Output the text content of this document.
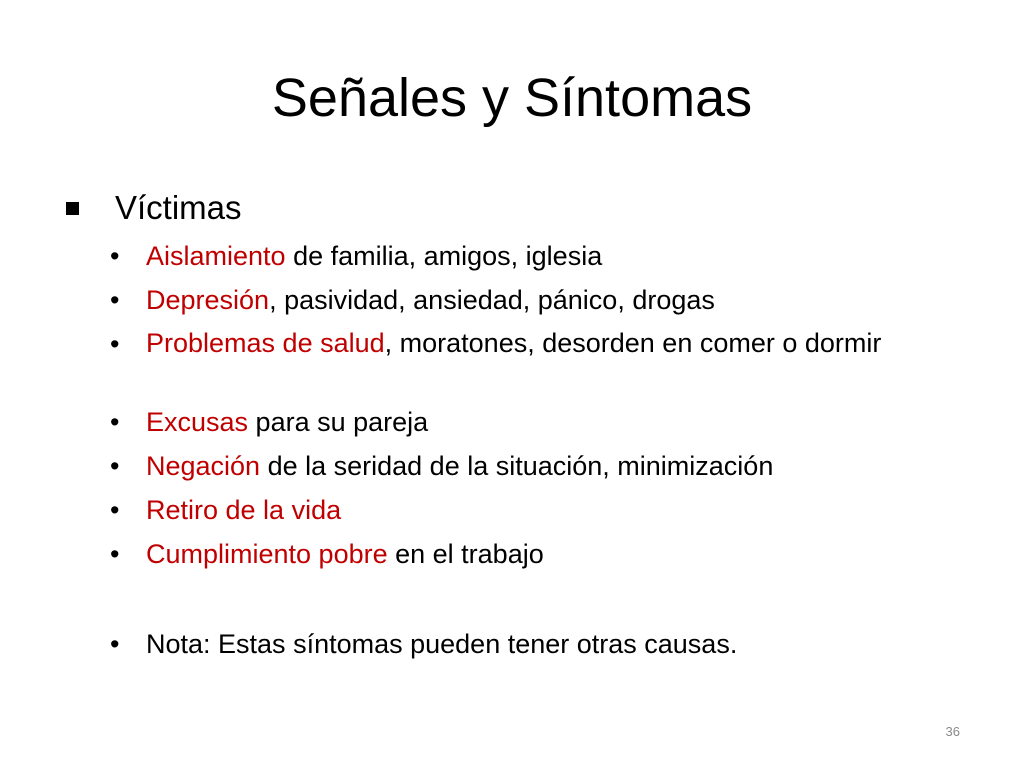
Señales y Síntomas
Víctimas
• Aislamiento de familia, amigos, iglesia
• Depresión, pasividad, ansiedad, pánico, drogas
• Problemas de salud, moratones, desorden en comer o dormir
• Excusas para su pareja
• Negación de la seridad de la situación, minimización
• Retiro de la vida
• Cumplimiento pobre en el trabajo
• Nota: Estas síntomas pueden tener otras causas.
36
